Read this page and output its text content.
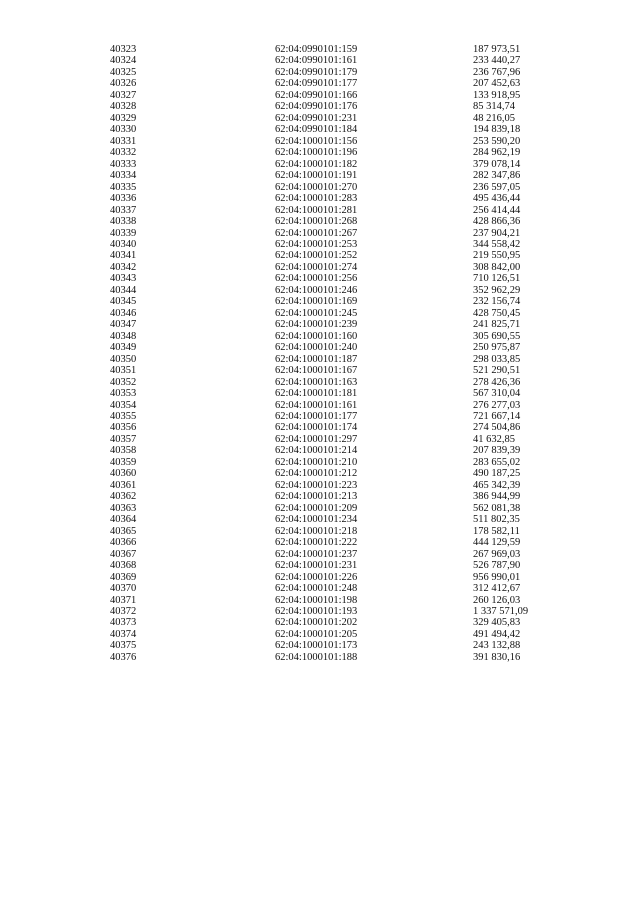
40323	62:04:0990101:159	187 973,51
40324	62:04:0990101:161	233 440,27
40325	62:04:0990101:179	236 767,96
40326	62:04:0990101:177	207 452,63
40327	62:04:0990101:166	133 918,95
40328	62:04:0990101:176	85 314,74
40329	62:04:0990101:231	48 216,05
40330	62:04:0990101:184	194 839,18
40331	62:04:1000101:156	253 590,20
40332	62:04:1000101:196	284 962,19
40333	62:04:1000101:182	379 078,14
40334	62:04:1000101:191	282 347,86
40335	62:04:1000101:270	236 597,05
40336	62:04:1000101:283	495 436,44
40337	62:04:1000101:281	256 414,44
40338	62:04:1000101:268	428 866,36
40339	62:04:1000101:267	237 904,21
40340	62:04:1000101:253	344 558,42
40341	62:04:1000101:252	219 550,95
40342	62:04:1000101:274	308 842,00
40343	62:04:1000101:256	710 126,51
40344	62:04:1000101:246	352 962,29
40345	62:04:1000101:169	232 156,74
40346	62:04:1000101:245	428 750,45
40347	62:04:1000101:239	241 825,71
40348	62:04:1000101:160	305 690,55
40349	62:04:1000101:240	250 975,87
40350	62:04:1000101:187	298 033,85
40351	62:04:1000101:167	521 290,51
40352	62:04:1000101:163	278 426,36
40353	62:04:1000101:181	567 310,04
40354	62:04:1000101:161	276 277,03
40355	62:04:1000101:177	721 667,14
40356	62:04:1000101:174	274 504,86
40357	62:04:1000101:297	41 632,85
40358	62:04:1000101:214	207 839,39
40359	62:04:1000101:210	283 655,02
40360	62:04:1000101:212	490 187,25
40361	62:04:1000101:223	465 342,39
40362	62:04:1000101:213	386 944,99
40363	62:04:1000101:209	562 081,38
40364	62:04:1000101:234	511 802,35
40365	62:04:1000101:218	178 582,11
40366	62:04:1000101:222	444 129,59
40367	62:04:1000101:237	267 969,03
40368	62:04:1000101:231	526 787,90
40369	62:04:1000101:226	956 990,01
40370	62:04:1000101:248	312 412,67
40371	62:04:1000101:198	260 126,03
40372	62:04:1000101:193	1 337 571,09
40373	62:04:1000101:202	329 405,83
40374	62:04:1000101:205	491 494,42
40375	62:04:1000101:173	243 132,88
40376	62:04:1000101:188	391 830,16
